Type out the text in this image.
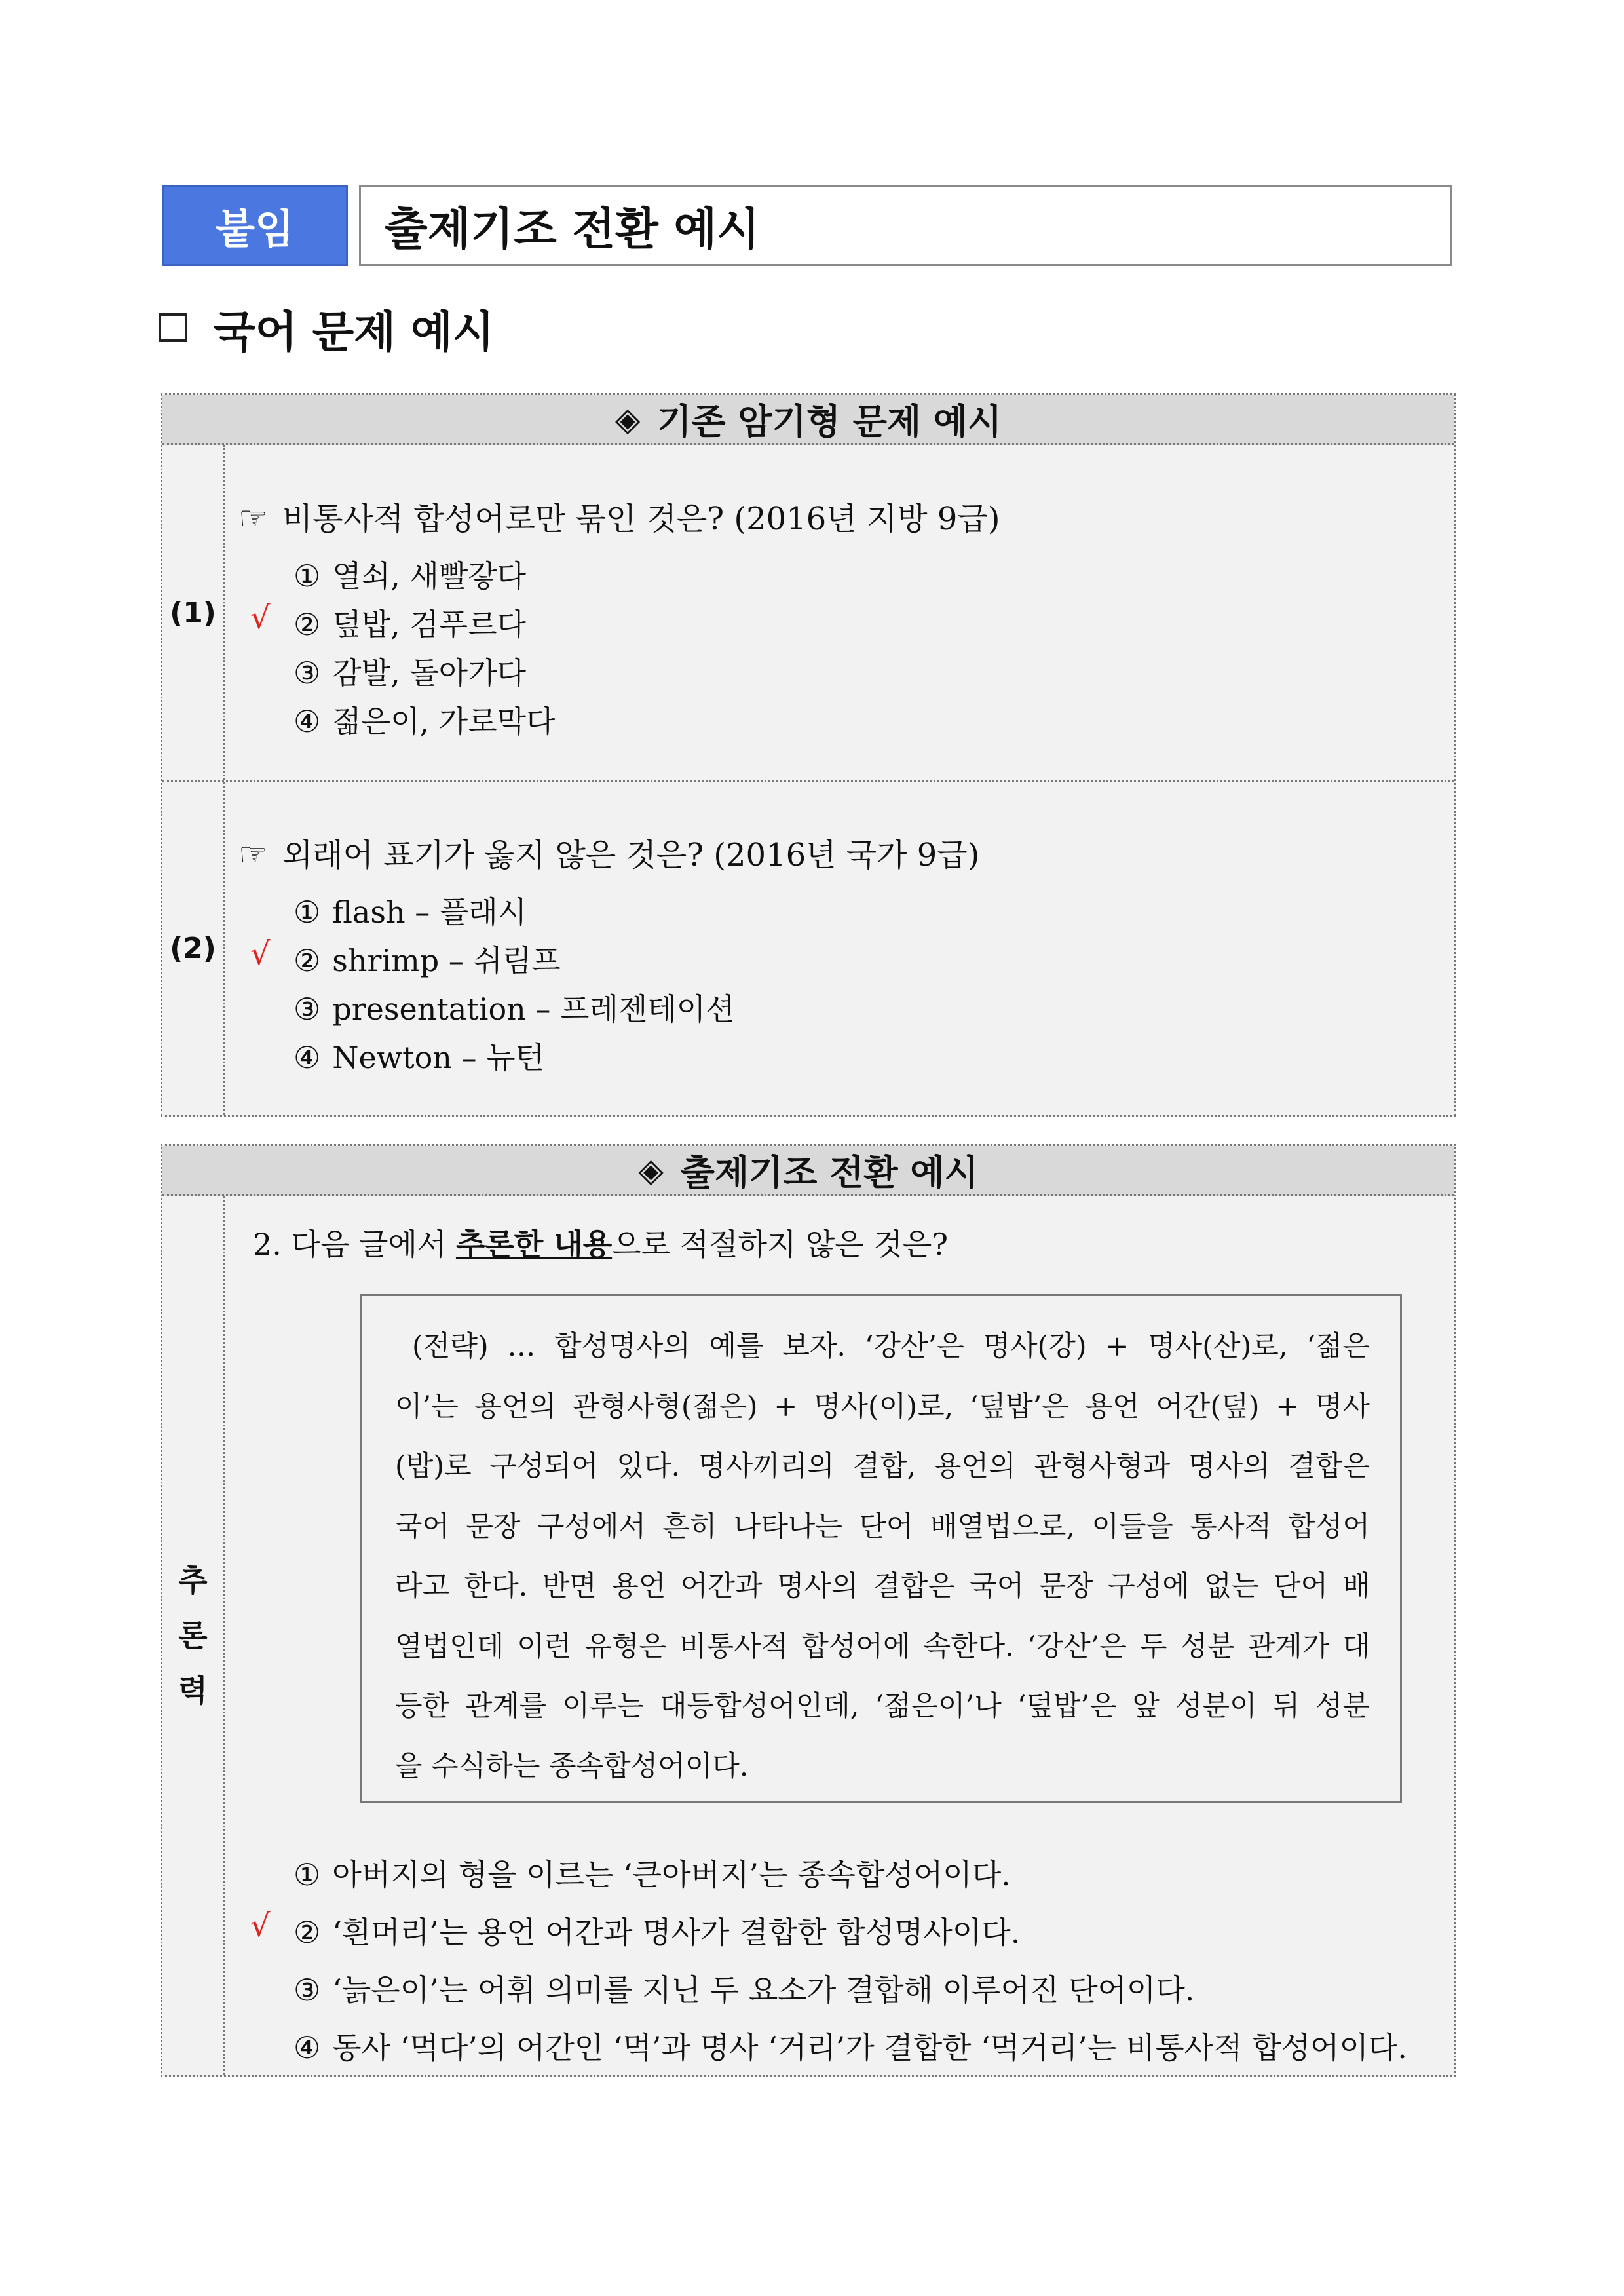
붙임	출제기조 전환 예시
국어 문제 예시
◈ 기존 암기형 문제 예시
(1)
☞ 비통사적 합성어로만 묶인 것은? (2016년 지방 9급)
① 열쇠, 새빨갛다
√ ② 덮밥, 검푸르다
③ 감발, 돌아가다
④ 젊은이, 가로막다
(2)
☞ 외래어 표기가 옳지 않은 것은? (2016년 국가 9급)
① flash – 플래시
√ ② shrimp – 쉬림프
③ presentation – 프레젠테이션
④ Newton – 뉴턴
◈ 출제기조 전환 예시
추
론
력
2. 다음 글에서 추론한 내용으로 적절하지 않은 것은?

(전략) … 합성명사의 예를 보자. ‘강산’은 명사(강) + 명사(산)로, ‘젊은

이’는 용언의 관형사형(젊은) + 명사(이)로, ‘덮밥’은 용언 어간(덮) + 명사

(밥)로 구성되어 있다. 명사끼리의 결합, 용언의 관형사형과 명사의 결합은

국어 문장 구성에서 흔히 나타나는 단어 배열법으로, 이들을 통사적 합성어

라고 한다. 반면 용언 어간과 명사의 결합은 국어 문장 구성에 없는 단어 배

열법인데 이런 유형은 비통사적 합성어에 속한다. ‘강산’은 두 성분 관계가 대

등한 관계를 이루는 대등합성어인데, ‘젊은이’나 ‘덮밥’은 앞 성분이 뒤 성분

을 수식하는 종속합성어이다.

① 아버지의 형을 이르는 ‘큰아버지’는 종속합성어이다.
√ ② ‘흰머리’는 용언 어간과 명사가 결합한 합성명사이다.
③ ‘늙은이’는 어휘 의미를 지닌 두 요소가 결합해 이루어진 단어이다.
④ 동사 ‘먹다’의 어간인 ‘먹’과 명사 ‘거리’가 결합한 ‘먹거리’는 비통사적 합성어이다.
